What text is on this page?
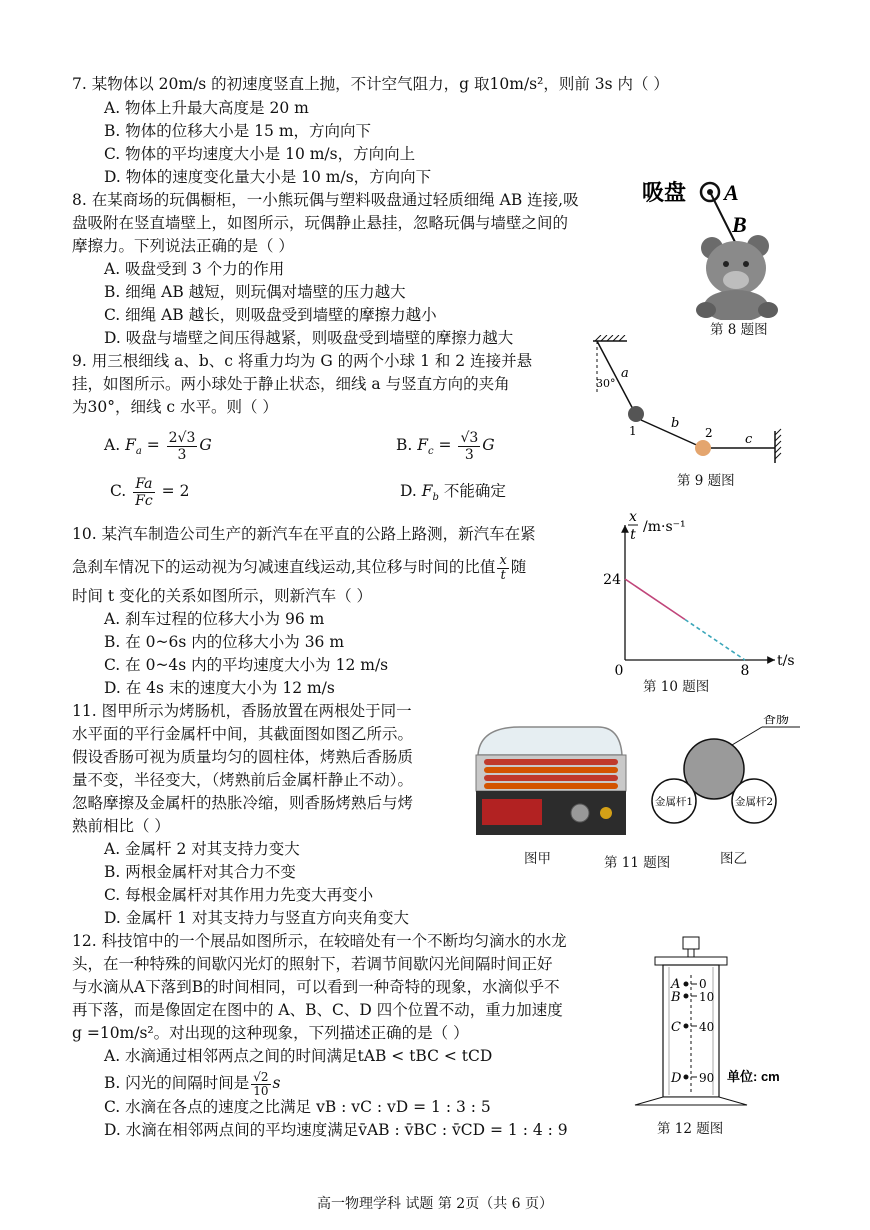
7. 某物体以 20m/s 的初速度竖直上抛，不计空气阻力，g 取10m/s²，则前 3s 内（ ）
A. 物体上升最大高度是 20 m
B. 物体的位移大小是 15 m，方向向下
C. 物体的平均速度大小是 10 m/s，方向向上
D. 物体的速度变化量大小是 10 m/s，方向向下
8. 在某商场的玩偶橱柜，一小熊玩偶与塑料吸盘通过轻质细绳 AB 连接,吸
盘吸附在竖直墙壁上，如图所示，玩偶静止悬挂，忽略玩偶与墙壁之间的
摩擦力。下列说法正确的是（ ）
A. 吸盘受到 3 个力的作用
B. 细绳 AB 越短，则玩偶对墙壁的压力越大
C. 细绳 AB 越长，则吸盘受到墙壁的摩擦力越小
D. 吸盘与墙壁之间压得越紧，则吸盘受到墙壁的摩擦力越大
吸盘 A
B
第 8 题图
9. 用三根细线 a、b、c 将重力均为 G 的两个小球 1 和 2 连接并悬
挂，如图所示。两小球处于静止状态，细线 a 与竖直方向的夹角
为30°，细线 c 水平。则（ ）
A. $F_a = \frac{2√3}{3}$ G	B. $F_c = \frac{√3}{3}$ G
C. $\frac{Fa}{Fc} = 2$	D. $F_b$ 不能确定
30°
a
1	b
2 c
第 9 题图
10. 某汽车制造公司生产的新汽车在平直的公路上路测，新汽车在紧
急刹车情况下的运动视为匀减速直线运动,其位移与时间的比值 $\frac{x}{t}$ 随
时间 t 变化的关系如图所示，则新汽车（ ）
A. 刹车过程的位移大小为 96 m
B. 在 0~6s 内的位移大小为 36 m
C. 在 0~4s 内的平均速度大小为 12 m/s
D. 在 4s 末的速度大小为 12 m/s
x
t /m·s⁻¹
t/s
0
24
8
第 10 题图
11. 图甲所示为烤肠机，香肠放置在两根处于同一
水平面的平行金属杆中间，其截面图如图乙所示。
假设香肠可视为质量均匀的圆柱体，烤熟后香肠质
量不变，半径变大，（烤熟前后金属杆静止不动）。
忽略摩擦及金属杆的热胀冷缩，则香肠烤熟后与烤
熟前相比（ ）
A. 金属杆 2 对其支持力变大
B. 两根金属杆对其合力不变
C. 每根金属杆对其作用力先变大再变小
D. 金属杆 1 对其支持力与竖直方向夹角变大
香肠
金属杆1	金属杆2
图甲	第 11 题图	图乙
12. 科技馆中的一个展品如图所示，在较暗处有一个不断均匀滴水的水龙
头，在一种特殊的间歇闪光灯的照射下，若调节间歇闪光间隔时间正好
与水滴从A下落到B的时间相同，可以看到一种奇特的现象，水滴似乎不
再下落，而是像固定在图中的 A、B、C、D 四个位置不动，重力加速度
g =10m/s²。对出现的这种现象，下列描述正确的是（ ）
A. 水滴通过相邻两点之间的时间满足tAB < tBC < tCD
B. 闪光的间隔时间是 $\frac{√2}{10}$ s
C. 水滴在各点的速度之比满足 vB : vC : vD = 1 : 3 : 5
D. 水滴在相邻两点间的平均速度满足v̄AB : v̄BC : v̄CD = 1 : 4 : 9
A
B
C
D
0
10
40
90 单位: cm
第 12 题图
高一物理学科 试题 第 2页（共 6 页）
